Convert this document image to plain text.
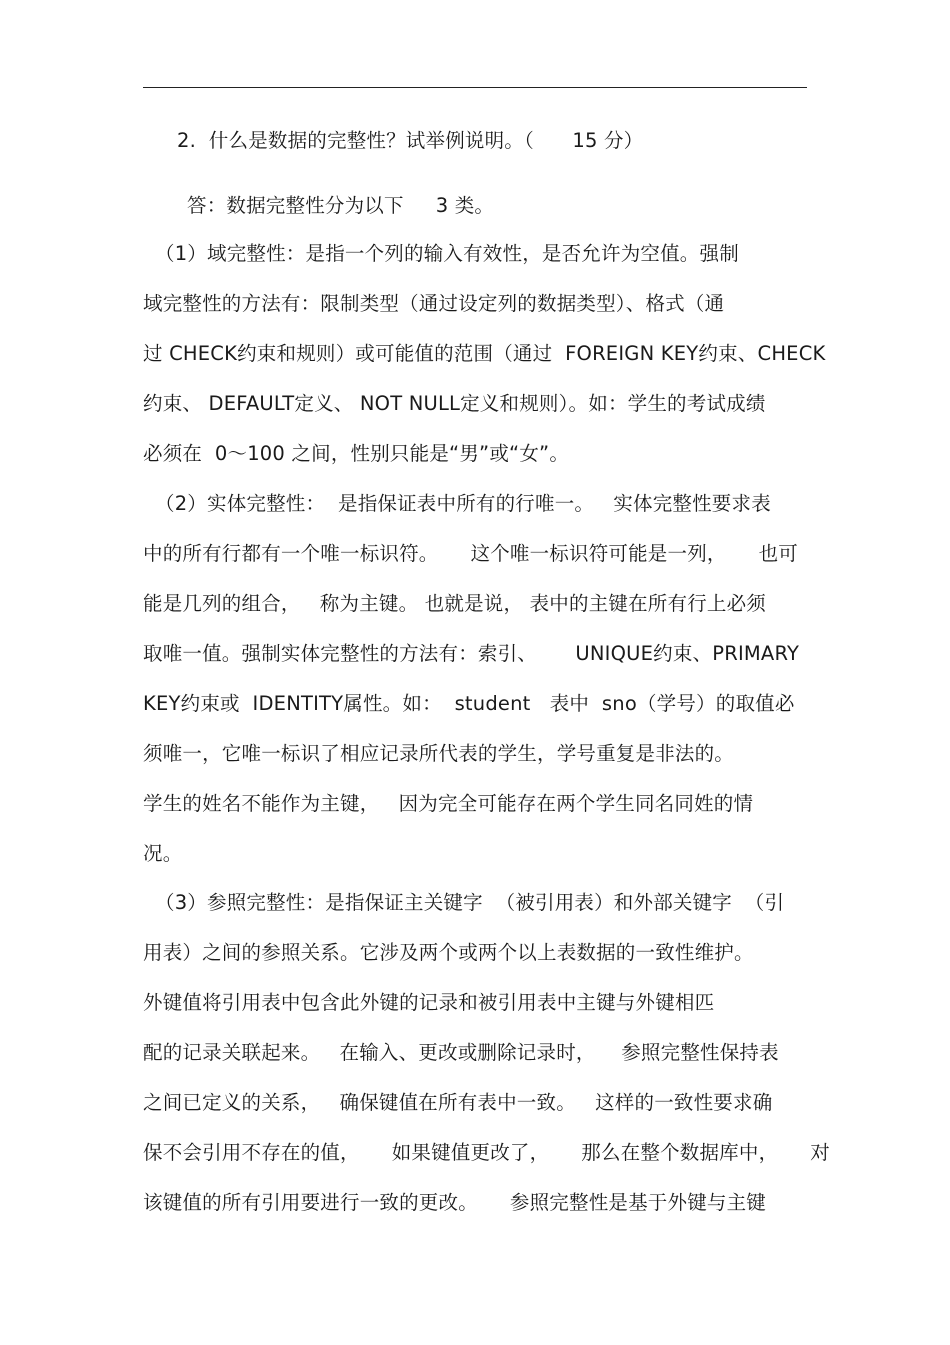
2.  什么是数据的完整性？试举例说明。（      15 分）
答：数据完整性分为以下     3 类。
（1）域完整性：是指一个列的输入有效性，是否允许为空值。强制
域完整性的方法有：限制类型（通过设定列的数据类型）、格式（通
过 CHECK约束和规则）或可能值的范围（通过  FOREIGN KEY约束、CHECK
约束、 DEFAULT定义、 NOT NULL定义和规则）。如：学生的考试成绩
必须在  0～100 之间，性别只能是“男”或“女”。
（2）实体完整性：  是指保证表中所有的行唯一。   实体完整性要求表
中的所有行都有一个唯一标识符。     这个唯一标识符可能是一列，     也可
能是几列的组合，   称为主键。 也就是说， 表中的主键在所有行上必须
取唯一值。强制实体完整性的方法有：索引、      UNIQUE约束、PRIMARY
KEY约束或  IDENTITY属性。如：  student   表中  sno（学号）的取值必
须唯一，它唯一标识了相应记录所代表的学生，学号重复是非法的。
学生的姓名不能作为主键，   因为完全可能存在两个学生同名同姓的情
况。
（3）参照完整性：是指保证主关键字  （被引用表）和外部关键字  （引
用表）之间的参照关系。它涉及两个或两个以上表数据的一致性维护。
外键值将引用表中包含此外键的记录和被引用表中主键与外键相匹
配的记录关联起来。   在输入、更改或删除记录时，    参照完整性保持表
之间已定义的关系，   确保键值在所有表中一致。   这样的一致性要求确
保不会引用不存在的值，     如果键值更改了，     那么在整个数据库中，     对
该键值的所有引用要进行一致的更改。     参照完整性是基于外键与主键
